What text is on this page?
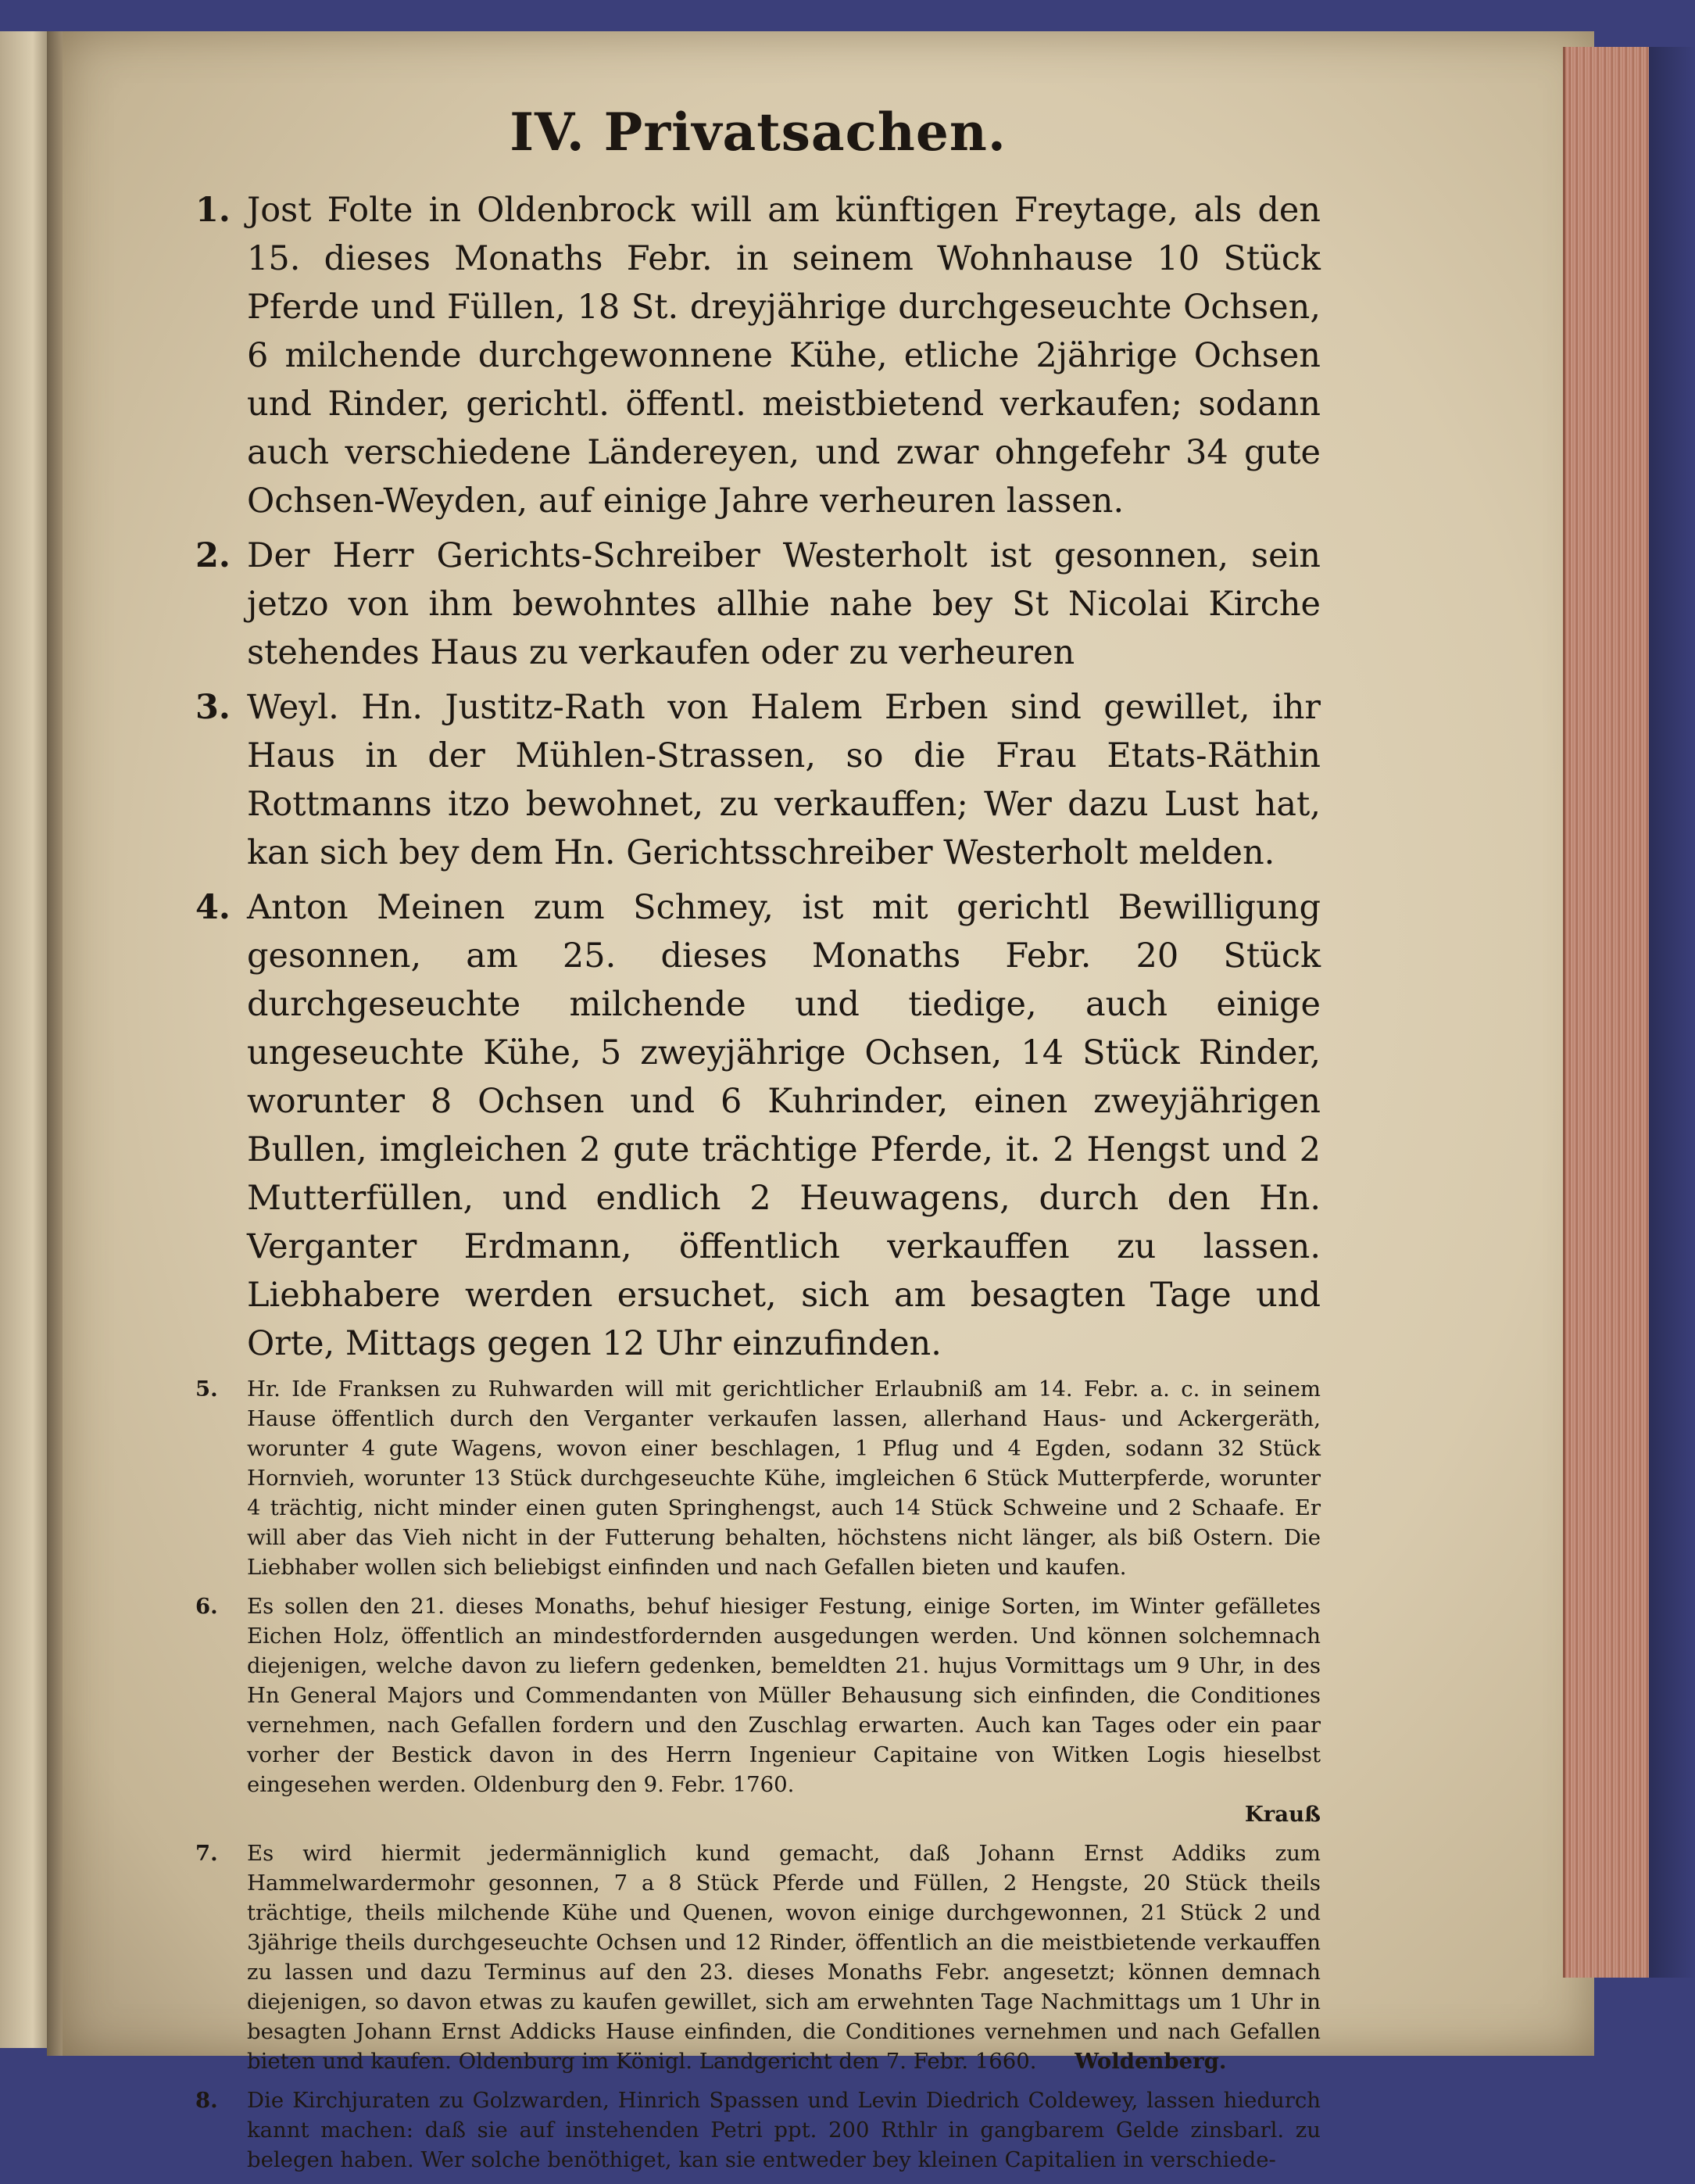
IV. Privatsachen.
1. Jost Folte in Oldenbrock will am künftigen Freytage, als den 15. dieses Monaths Febr. in seinem Wohnhause 10 Stück Pferde und Füllen, 18 St. dreyjährige durchgeseuchte Ochsen, 6 milchende durchgewonnene Kühe, etliche 2jährige Ochsen und Rinder, gerichtl. öffentl. meistbietend verkaufen; sodann auch verschiedene Ländereyen, und zwar ohngefehr 34 gute Ochsen-Weyden, auf einige Jahre verheuren lassen.
2. Der Herr Gerichts-Schreiber Westerholt ist gesonnen, sein jetzo von ihm bewohntes allhie nahe bey St Nicolai Kirche stehendes Haus zu verkaufen oder zu verheuren
3. Weyl. Hn. Justitz-Rath von Halem Erben sind gewillet, ihr Haus in der Mühlen-Strassen, so die Frau Etats-Räthin Rottmanns itzo bewohnet, zu verkauffen; Wer dazu Lust hat, kan sich bey dem Hn. Gerichtsschreiber Westerholt melden.
4. Anton Meinen zum Schmey, ist mit gerichtl Bewilligung gesonnen, am 25. dieses Monaths Febr. 20 Stück durchgeseuchte milchende und tiedige, auch einige ungeseuchte Kühe, 5 zweyjährige Ochsen, 14 Stück Rinder, worunter 8 Ochsen und 6 Kuhrinder, einen zweyjährigen Bullen, imgleichen 2 gute trächtige Pferde, it. 2 Hengst und 2 Mutterfüllen, und endlich 2 Heuwagens, durch den Hn. Verganter Erdmann, öffentlich verkauffen zu lassen. Liebhabere werden ersuchet, sich am besagten Tage und Orte, Mittags gegen 12 Uhr einzufinden.
5.	Hr. Ide Franksen zu Ruhwarden will mit gerichtlicher Erlaubniß am 14. Febr. a. c. in seinem Hause öffentlich durch den Verganter verkaufen lassen, allerhand Haus- und Ackergeräth, worunter 4 gute Wagens, wovon einer beschlagen, 1 Pflug und 4 Egden, sodann 32 Stück Hornvieh, worunter 13 Stück durchgeseuchte Kühe, imgleichen 6 Stück Mutterpferde, worunter 4 trächtig, nicht minder einen guten Springhengst, auch 14 Stück Schweine und 2 Schaafe. Er will aber das Vieh nicht in der Futterung behalten, höchstens nicht länger, als biß Ostern. Die Liebhaber wollen sich beliebigst einfinden und nach Gefallen bieten und kaufen.
6.	Es sollen den 21. dieses Monaths, behuf hiesiger Festung, einige Sorten, im Winter gefälletes Eichen Holz, öffentlich an mindestfordernden ausgedungen werden. Und können solchemnach diejenigen, welche davon zu liefern gedenken, bemeldten 21. hujus Vormittags um 9 Uhr, in des Hn General Majors und Commendanten von Müller Behausung sich einfinden, die Conditiones vernehmen, nach Gefallen fordern und den Zuschlag erwarten. Auch kan Tages oder ein paar vorher der Bestick davon in des Herrn Ingenieur Capitaine von Witken Logis hieselbst eingesehen werden. Oldenburg den 9. Febr. 1760.
Krauß
7.	Es wird hiermit jedermänniglich kund gemacht, daß Johann Ernst Addiks zum Hammelwardermohr gesonnen, 7 a 8 Stück Pferde und Füllen, 2 Hengste, 20 Stück theils trächtige, theils milchende Kühe und Quenen, wovon einige durchgewonnen, 21 Stück 2 und 3jährige theils durchgeseuchte Ochsen und 12 Rinder, öffentlich an die meistbietende verkauffen zu lassen und dazu Terminus auf den 23. dieses Monaths Febr. angesetzt; können demnach diejenigen, so davon etwas zu kaufen gewillet, sich am erwehnten Tage Nachmittags um 1 Uhr in besagten Johann Ernst Addicks Hause einfinden, die Conditiones vernehmen und nach Gefallen bieten und kaufen. Oldenburg im Königl. Landgericht den 7. Febr. 1660. Woldenberg.
8.	Die Kirchjuraten zu Golzwarden, Hinrich Spassen und Levin Diedrich Coldewey, lassen hiedurch kannt machen: daß sie auf instehenden Petri ppt. 200 Rthlr in gangbarem Gelde zinsbarl. zu belegen haben. Wer solche benöthiget, kan sie entweder bey kleinen Capitalien in verschiede-
